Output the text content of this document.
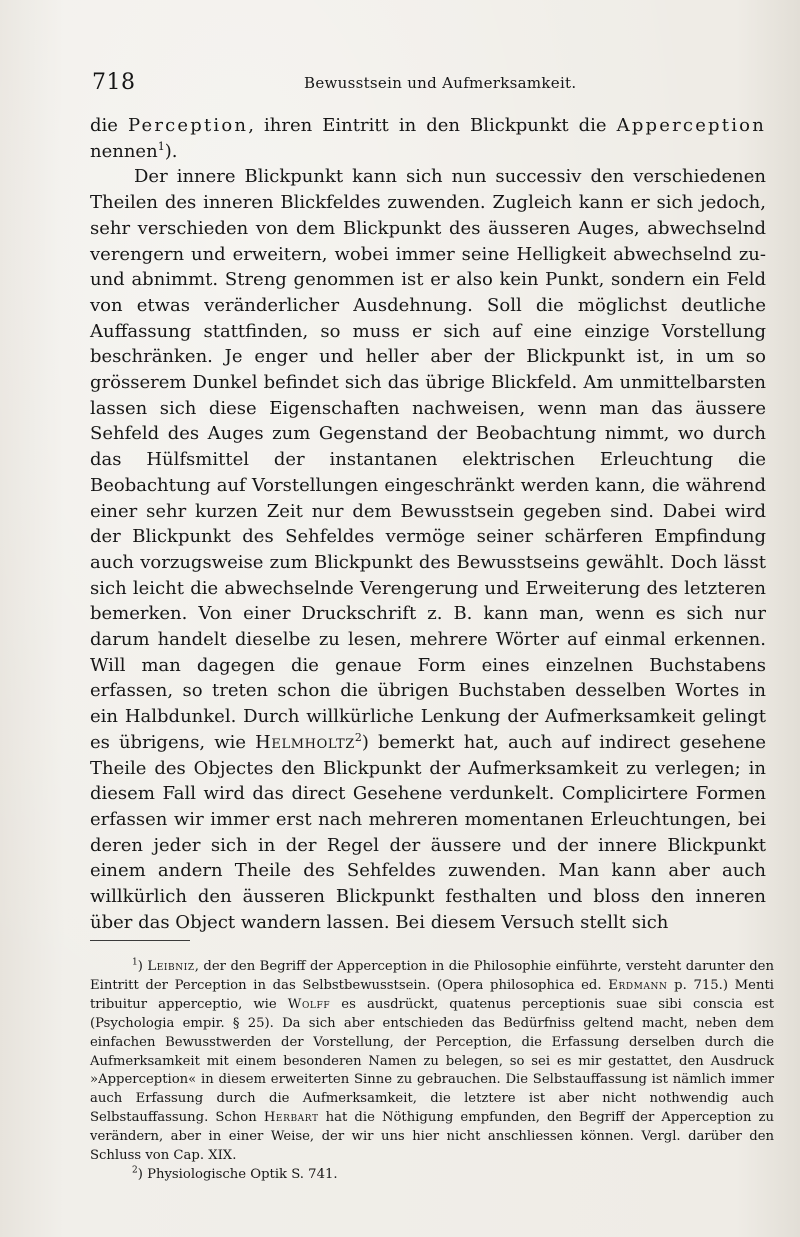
718	Bewusstsein und Aufmerksamkeit.

die Perception, ihren Eintritt in den Blickpunkt die Apperception nennen$^1$).

Der innere Blickpunkt kann sich nun successiv den verschiedenen Theilen des inneren Blickfeldes zuwenden. Zugleich kann er sich jedoch, sehr verschieden von dem Blickpunkt des äusseren Auges, abwechselnd verengern und erweitern, wobei immer seine Helligkeit abwechselnd zu- und abnimmt. Streng genommen ist er also kein Punkt, sondern ein Feld von etwas veränderlicher Ausdehnung. Soll die möglichst deutliche Auffassung stattfinden, so muss er sich auf eine einzige Vorstellung beschränken. Je enger und heller aber der Blickpunkt ist, in um so grösserem Dunkel befindet sich das übrige Blickfeld. Am unmittelbarsten lassen sich diese Eigenschaften nachweisen, wenn man das äussere Sehfeld des Auges zum Gegenstand der Beobachtung nimmt, wo durch das Hülfsmittel der instantanen elektrischen Erleuchtung die Beobachtung auf Vorstellungen eingeschränkt werden kann, die während einer sehr kurzen Zeit nur dem Bewusstsein gegeben sind. Dabei wird der Blickpunkt des Sehfeldes vermöge seiner schärferen Empfindung auch vorzugsweise zum Blickpunkt des Bewusstseins gewählt. Doch lässt sich leicht die abwechselnde Verengerung und Erweiterung des letzteren bemerken. Von einer Druckschrift z. B. kann man, wenn es sich nur darum handelt dieselbe zu lesen, mehrere Wörter auf einmal erkennen. Will man dagegen die genaue Form eines einzelnen Buchstabens erfassen, so treten schon die übrigen Buchstaben desselben Wortes in ein Halbdunkel. Durch willkürliche Lenkung der Aufmerksamkeit gelingt es übrigens, wie Helmholtz$^2$) bemerkt hat, auch auf indirect gesehene Theile des Objectes den Blickpunkt der Aufmerksamkeit zu verlegen; in diesem Fall wird das direct Gesehene verdunkelt. Complicirtere Formen erfassen wir immer erst nach mehreren momentanen Erleuchtungen, bei deren jeder sich in der Regel der äussere und der innere Blickpunkt einem andern Theile des Sehfeldes zuwenden. Man kann aber auch willkürlich den äusseren Blickpunkt festhalten und bloss den inneren über das Object wandern lassen. Bei diesem Versuch stellt sich

$^1$) Leibniz, der den Begriff der Apperception in die Philosophie einführte, versteht darunter den Eintritt der Perception in das Selbstbewusstsein. (Opera philosophica ed. Erdmann p. 715.) Menti tribuitur apperceptio, wie Wolff es ausdrückt, quatenus perceptionis suae sibi conscia est (Psychologia empir. § 25). Da sich aber entschieden das Bedürfniss geltend macht, neben dem einfachen Bewusstwerden der Vorstellung, der Perception, die Erfassung derselben durch die Aufmerksamkeit mit einem besonderen Namen zu belegen, so sei es mir gestattet, den Ausdruck »Apperception« in diesem erweiterten Sinne zu gebrauchen. Die Selbstauffassung ist nämlich immer auch Erfassung durch die Aufmerksamkeit, die letztere ist aber nicht nothwendig auch Selbstauffassung. Schon Herbart hat die Nöthigung empfunden, den Begriff der Apperception zu verändern, aber in einer Weise, der wir uns hier nicht anschliessen können. Vergl. darüber den Schluss von Cap. XIX.

$^2$) Physiologische Optik S. 741.
